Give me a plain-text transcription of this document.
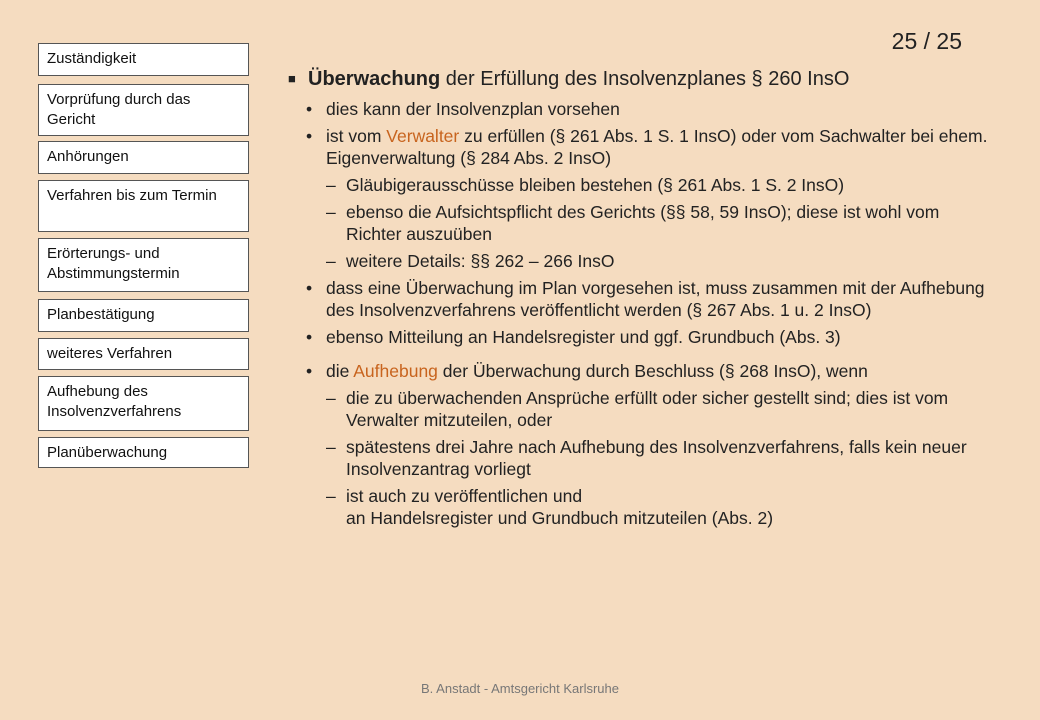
Zuständigkeit
Vorprüfung durch das Gericht
Anhörungen
Verfahren bis zum Termin
Erörterungs- und Abstimmungstermin
Planbestätigung
weiteres Verfahren
Aufhebung des Insolvenzverfahrens
Planüberwachung
25 / 25
■ Überwachung der Erfüllung des Insolvenzplanes § 260 InsO
• dies kann der Insolvenzplan vorsehen
• ist vom Verwalter zu erfüllen (§ 261 Abs. 1 S. 1 InsO) oder vom Sachwalter bei ehem. Eigenverwaltung (§ 284 Abs. 2 InsO)
– Gläubigerausschüsse bleiben bestehen (§ 261 Abs. 1 S. 2 InsO)
– ebenso die Aufsichtspflicht des Gerichts (§§ 58, 59 InsO); diese ist wohl vom Richter auszuüben
– weitere Details: §§ 262 – 266 InsO
• dass eine Überwachung im Plan vorgesehen ist, muss zusammen mit der Aufhebung des Insolvenzverfahrens veröffentlicht werden (§ 267 Abs. 1 u. 2 InsO)
• ebenso Mitteilung an Handelsregister und ggf. Grundbuch (Abs. 3)
• die Aufhebung der Überwachung durch Beschluss (§ 268 InsO), wenn
– die zu überwachenden Ansprüche erfüllt oder sicher gestellt sind; dies ist vom Verwalter mitzuteilen, oder
– spätestens drei Jahre nach Aufhebung des Insolvenzverfahrens, falls kein neuer Insolvenzantrag vorliegt
– ist auch zu veröffentlichen und
an Handelsregister und Grundbuch mitzuteilen (Abs. 2)
B. Anstadt - Amtsgericht Karlsruhe
